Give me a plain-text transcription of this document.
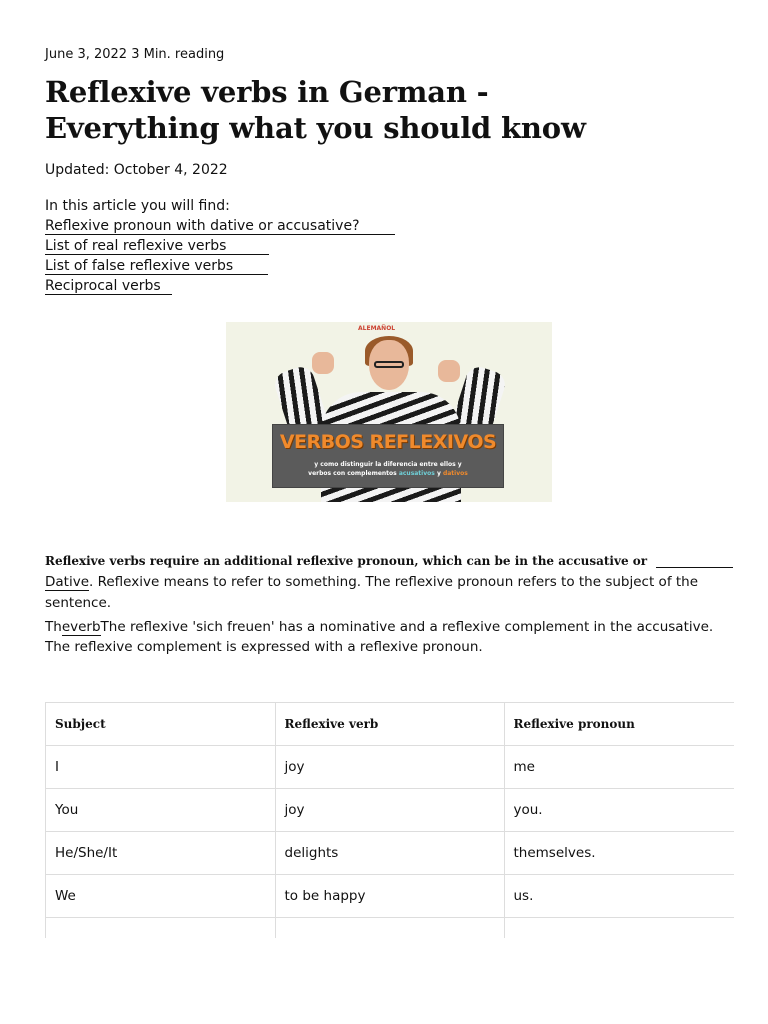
June 3, 2022 3 Min. reading
Reflexive verbs in German - Everything what you should know
Updated: October 4, 2022
In this article you will find:
Reflexive pronoun with dative or accusative?
List of real reflexive verbs
List of false reflexive verbs
Reciprocal verbs
ALEMAÑOL
VERBOS REFLEXIVOS
y como distinguir la diferencia entre ellos y
verbos con complementos acusativos y dativos
Reflexive verbs require an additional reflexive pronoun, which can be in the accusative or
Dative. Reflexive means to refer to something. The reflexive pronoun refers to the subject of the sentence.
TheverbThe reflexive 'sich freuen' has a nominative and a reflexive complement in the accusative. The reflexive complement is expressed with a reflexive pronoun.
Subject	Reflexive verb	Reflexive pronoun
I	joy	me
You	joy	you.
He/She/It	delights	themselves.
We	to be happy	us.
